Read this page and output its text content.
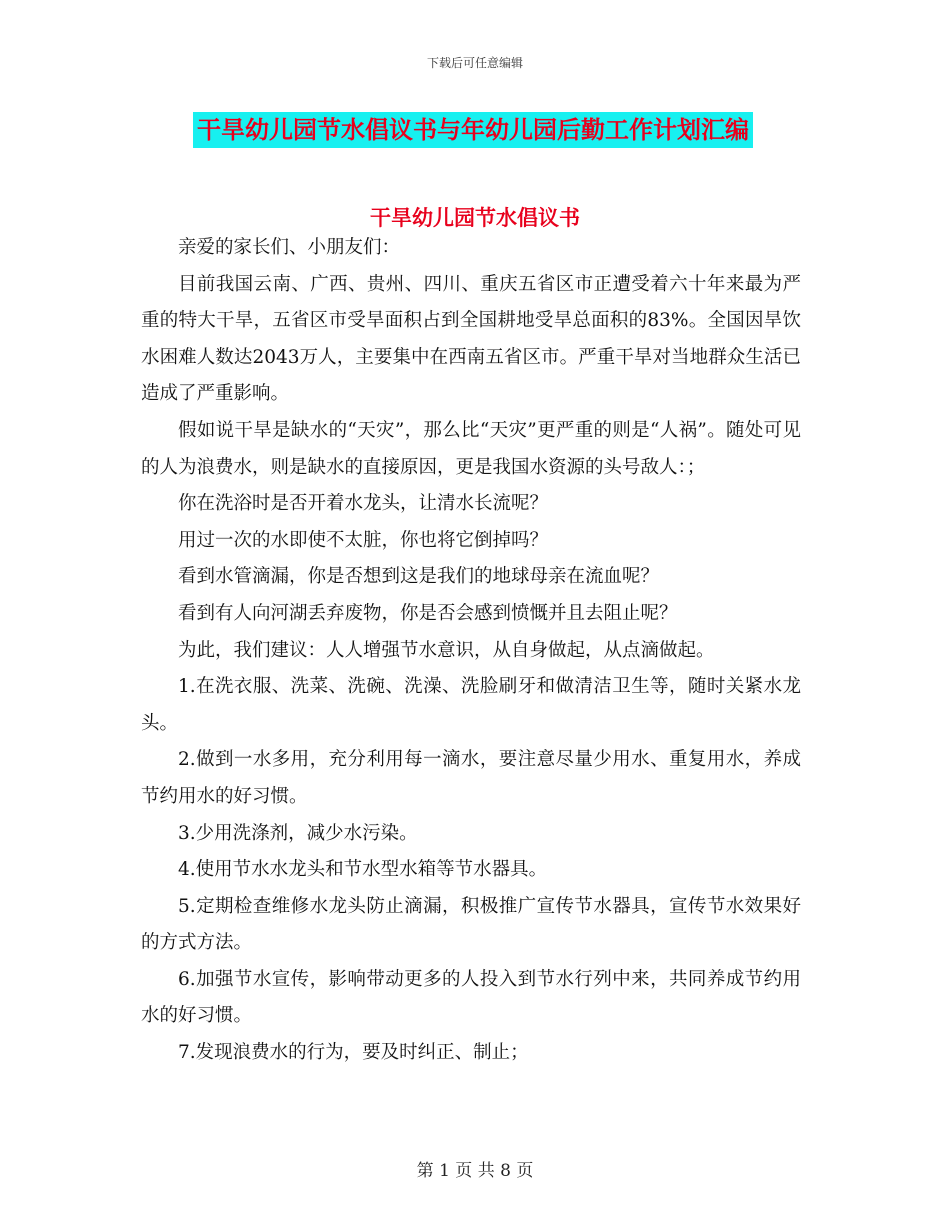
下载后可任意编辑
干旱幼儿园节水倡议书与年幼儿园后勤工作计划汇编
干旱幼儿园节水倡议书

亲爱的家长们、小朋友们：

目前我国云南、广西、贵州、四川、重庆五省区市正遭受着六十年来最为严重的特大干旱，五省区市受旱面积占到全国耕地受旱总面积的83%。全国因旱饮水困难人数达2043万人，主要集中在西南五省区市。严重干旱对当地群众生活已造成了严重影响。

假如说干旱是缺水的“天灾”，那么比“天灾”更严重的则是“人祸”。随处可见的人为浪费水，则是缺水的直接原因，更是我国水资源的头号敌人：；

你在洗浴时是否开着水龙头，让清水长流呢？

用过一次的水即使不太脏，你也将它倒掉吗？

看到水管滴漏，你是否想到这是我们的地球母亲在流血呢？

看到有人向河湖丢弃废物，你是否会感到愤慨并且去阻止呢？

为此，我们建议：人人增强节水意识，从自身做起，从点滴做起。

1.在洗衣服、洗菜、洗碗、洗澡、洗脸刷牙和做清洁卫生等，随时关紧水龙头。

2.做到一水多用，充分利用每一滴水，要注意尽量少用水、重复用水，养成节约用水的好习惯。

3.少用洗涤剂，减少水污染。

4.使用节水水龙头和节水型水箱等节水器具。

5.定期检查维修水龙头防止滴漏，积极推广宣传节水器具，宣传节水效果好的方式方法。

6.加强节水宣传，影响带动更多的人投入到节水行列中来，共同养成节约用水的好习惯。

7.发现浪费水的行为，要及时纠正、制止；

第 1 页 共 8 页
